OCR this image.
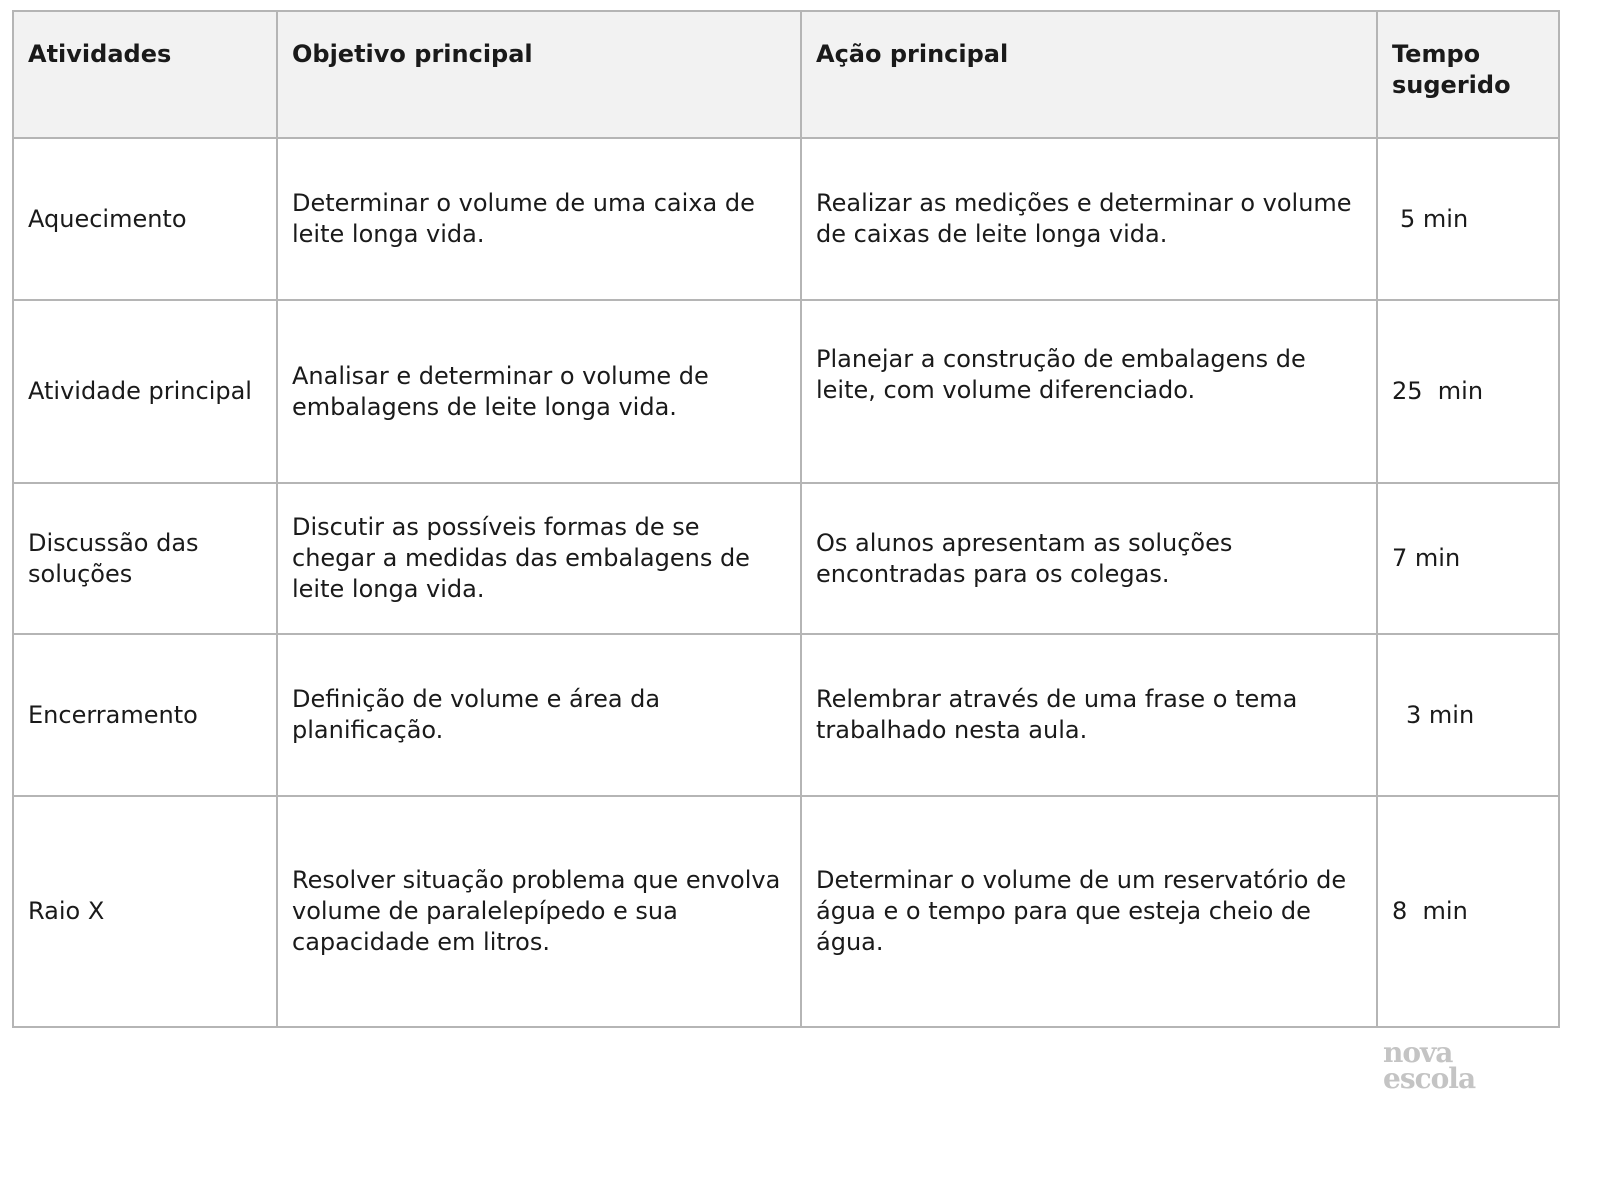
Atividades	Objetivo principal	Ação principal	Tempo sugerido
Aquecimento	Determinar o volume de uma caixa de leite longa vida.	Realizar as medições e determinar o volume de caixas de leite longa vida.	5 min
Atividade principal	Analisar e determinar o volume de embalagens de leite longa vida.	Planejar a construção de embalagens de leite, com volume diferenciado.	25  min
Discussão das soluções	Discutir as possíveis formas de se chegar a medidas das embalagens de leite longa vida.	Os alunos apresentam as soluções encontradas para os colegas.	7 min
Encerramento	Definição de volume e área da planificação.	Relembrar através de uma frase o tema trabalhado nesta aula.	3 min
Raio X	Resolver situação problema que envolva volume de paralelepípedo e sua capacidade em litros.	Determinar o volume de um reservatório de água e o tempo para que esteja cheio de água.	8  min
nova
escola
